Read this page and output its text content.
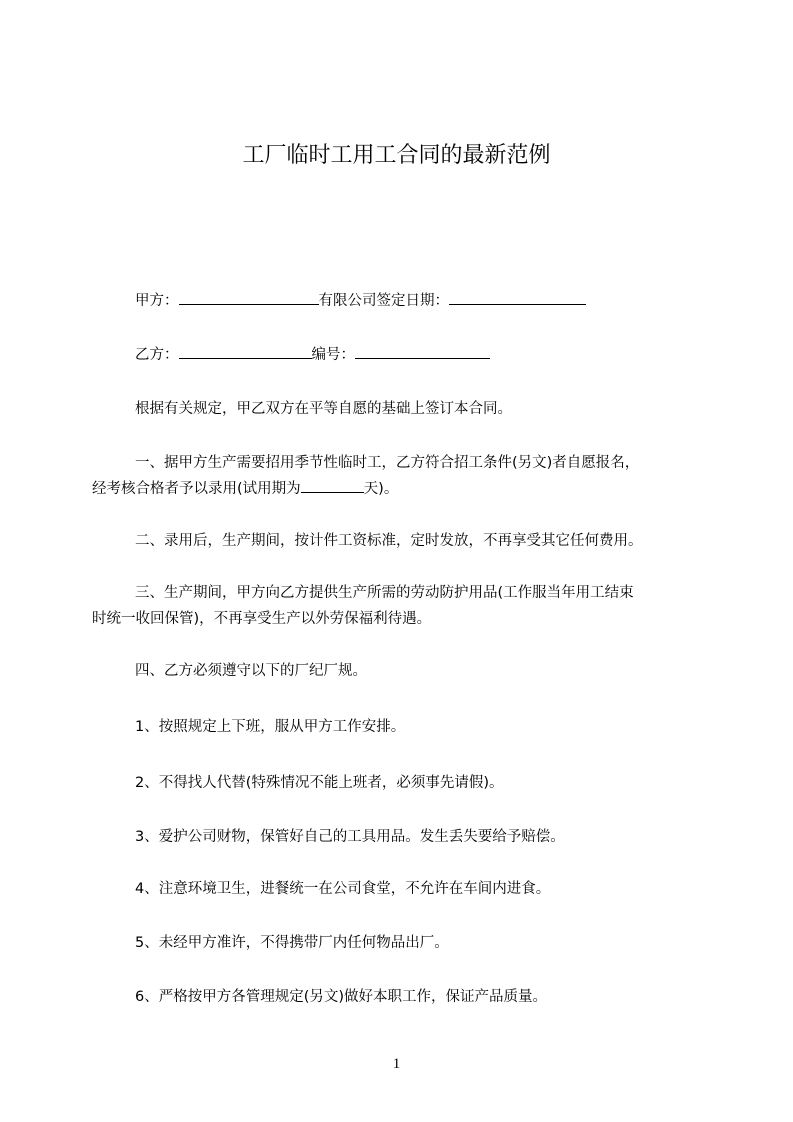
工厂临时工用工合同的最新范例
甲方：	有限公司签定日期：
乙方：	编号：
根据有关规定，甲乙双方在平等自愿的基础上签订本合同。
一、据甲方生产需要招用季节性临时工，乙方符合招工条件(另文)者自愿报名，
经考核合格者予以录用(试用期为	天)。
二、录用后，生产期间，按计件工资标准，定时发放，不再享受其它任何费用。
三、生产期间，甲方向乙方提供生产所需的劳动防护用品(工作服当年用工结束
时统一收回保管)，不再享受生产以外劳保福利待遇。
四、乙方必须遵守以下的厂纪厂规。
1、按照规定上下班，服从甲方工作安排。
2、不得找人代替(特殊情况不能上班者，必须事先请假)。
3、爱护公司财物，保管好自己的工具用品。发生丢失要给予赔偿。
4、注意环境卫生，进餐统一在公司食堂，不允许在车间内进食。
5、未经甲方准许，不得携带厂内任何物品出厂。
6、严格按甲方各管理规定(另文)做好本职工作，保证产品质量。
1
